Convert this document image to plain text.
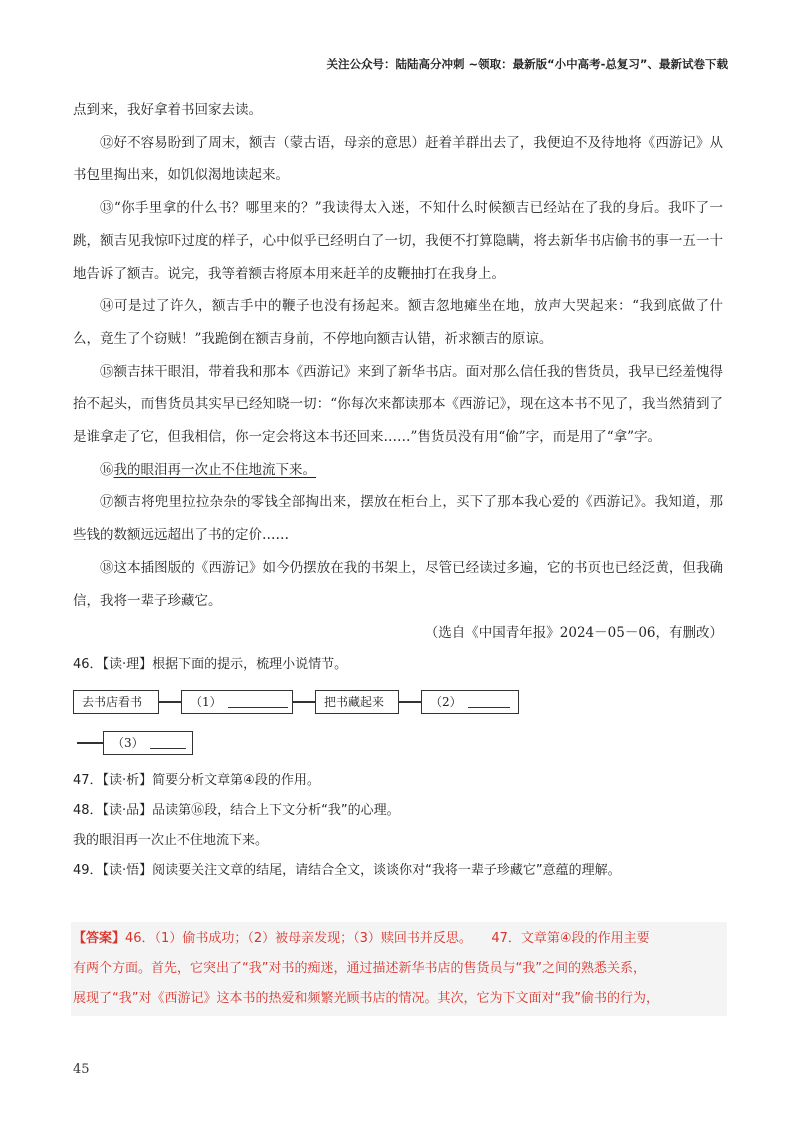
关注公众号：陆陆高分冲刺 ~领取：最新版“小中高考-总复习”、最新试卷下载

点到来，我好拿着书回家去读。

⑫好不容易盼到了周末，额吉（蒙古语，母亲的意思）赶着羊群出去了，我便迫不及待地将《西游记》从书包里掏出来，如饥似渴地读起来。

⑬“你手里拿的什么书？哪里来的？”我读得太入迷，不知什么时候额吉已经站在了我的身后。我吓了一跳，额吉见我惊吓过度的样子，心中似乎已经明白了一切，我便不打算隐瞒，将去新华书店偷书的事一五一十地告诉了额吉。说完，我等着额吉将原本用来赶羊的皮鞭抽打在我身上。

⑭可是过了许久，额吉手中的鞭子也没有扬起来。额吉忽地瘫坐在地，放声大哭起来：“我到底做了什么，竟生了个窃贼！”我跪倒在额吉身前，不停地向额吉认错，祈求额吉的原谅。

⑮额吉抹干眼泪，带着我和那本《西游记》来到了新华书店。面对那么信任我的售货员，我早已经羞愧得抬不起头，而售货员其实早已经知晓一切：“你每次来都读那本《西游记》，现在这本书不见了，我当然猜到了是谁拿走了它，但我相信，你一定会将这本书还回来……”售货员没有用“偷”字，而是用了“拿”字。

⑯我的眼泪再一次止不住地流下来。

⑰额吉将兜里拉拉杂杂的零钱全部掏出来，摆放在柜台上，买下了那本我心爱的《西游记》。我知道，那些钱的数额远远超出了书的定价……

⑱这本插图版的《西游记》如今仍摆放在我的书架上，尽管已经读过多遍，它的书页也已经泛黄，但我确信，我将一辈子珍藏它。

（选自《中国青年报》2024－05－06，有删改）

46．【读·理】根据下面的提示，梳理小说情节。

去书店看书	（1）	把书藏起来	（2）
（3）

47．【读·析】简要分析文章第④段的作用。

48．【读·品】品读第⑯段，结合上下文分析“我”的心理。

我的眼泪再一次止不住地流下来。

49．【读·悟】阅读要关注文章的结尾，请结合全文，谈谈你对“我将一辈子珍藏它”意蕴的理解。

【答案】46．（1）偷书成功；（2）被母亲发现；（3）赎回书并反思。　　47．文章第④段的作用主要

有两个方面。首先，它突出了“我”对书的痴迷，通过描述新华书店的售货员与“我”之间的熟悉关系，

展现了“我”对《西游记》这本书的热爱和频繁光顾书店的情况。其次，它为下文面对“我”偷书的行为，

45
